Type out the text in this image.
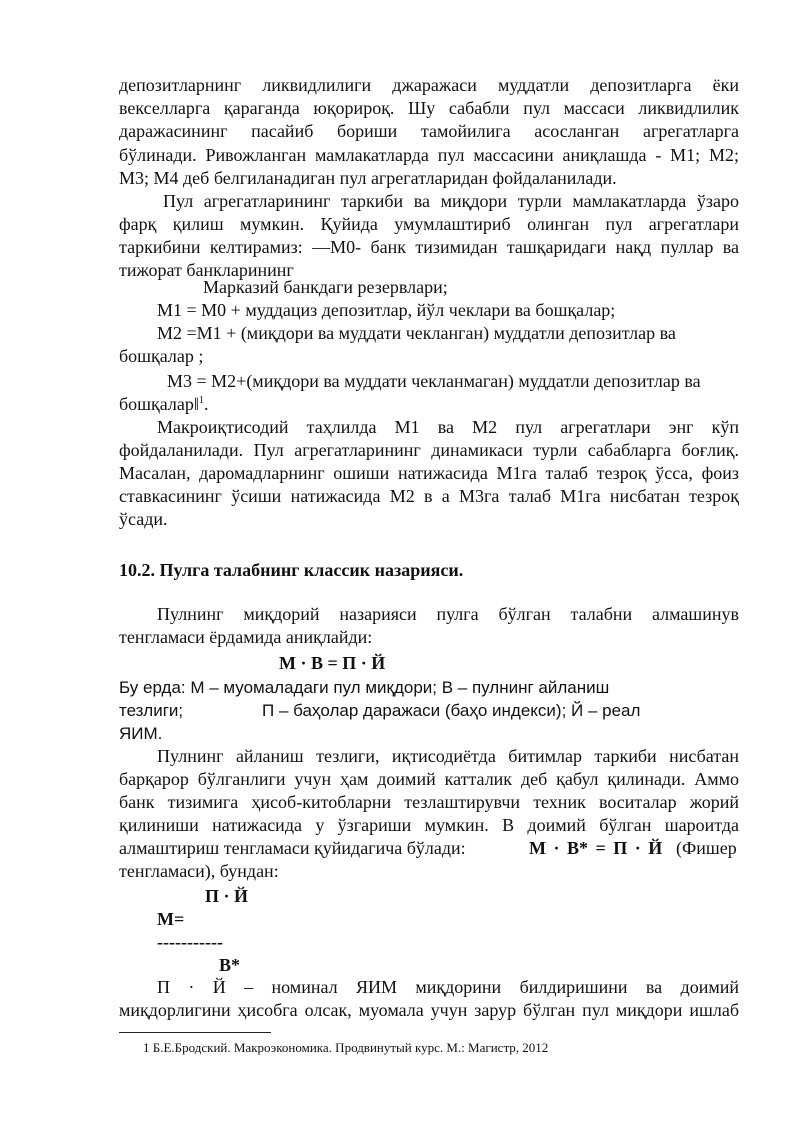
депозитларнинг ликвидлилиги джаражаси муддатли депозитларга ёки
векселларга қараганда юқорироқ. Шу сабабли пул массаси ликвидлилик
даражасининг пасайиб бориши тамойилига асосланган агрегатларга
бўлинади. Ривожланган мамлакатларда пул массасини аниқлашда - М1; М2;
М3; М4 деб белгиланадиган пул агрегатларидан фойдаланилади.
Пул агрегатларининг таркиби ва миқдори турли мамлакатларда ўзаро
фарқ қилиш мумкин. Қуйида умумлаштириб олинган пул агрегатлари
таркибини келтирамиз: ―М0- банк тизимидан ташқаридаги нақд пуллар ва
тижорат банкларининг
Марказий банкдаги резервлари;
М1 = М0 + муддациз депозитлар, йўл чеклари ва бошқалар;
М2 =М1 + (миқдори ва муддати чекланган) муддатли депозитлар ва
бошқалар ;
М3 = М2+(миқдори ва муддати чекланмаган) муддатли депозитлар ва
бошқалар‖$^1$.
Макроиқтисодий таҳлилда М1 ва М2 пул агрегатлари энг кўп
фойдаланилади. Пул агрегатларининг динамикаси турли сабабларга боғлиқ.
Масалан, даромадларнинг ошиши натижасида М1га талаб тезроқ ўсса, фоиз
ставкасининг ўсиши натижасида М2 в а М3га талаб М1га нисбатан тезроқ
ўсади.
10.2. Пулга талабнинг классик назарияси.
Пулнинг миқдорий назарияси пулга бўлган талабни алмашинув
тенгламаси ёрдамида аниқлайди:
М · В = П · Й
Бу ерда: М – муомаладаги пул миқдори; В – пулнинг айланиш
тезлиги;	П – баҳолар даражаси (баҳо индекси); Й – реал
ЯИМ.
Пулнинг айланиш тезлиги, иқтисодиётда битимлар таркиби нисбатан
барқарор бўлганлиги учун ҳам доимий катталик деб қабул қилинади. Аммо
банк тизимига ҳисоб-китобларни тезлаштирувчи техник воситалар жорий
қилиниши натижасида у ўзгариши мумкин. В доимий бўлган шароитда
алмаштириш тенгламаси қуйидагича бўлади:	М · В* = П · Й (Фишер
тенгламаси), бундан:
П · Й
М=
-----------
В*
П · Й – номинал ЯИМ миқдорини билдиришини ва доимий
миқдорлигини ҳисобга олсак, муомала учун зарур бўлган пул миқдори ишлаб
1 Б.Е.Бродский. Макроэкономика. Продвинутый курс. М.: Магистр, 2012
